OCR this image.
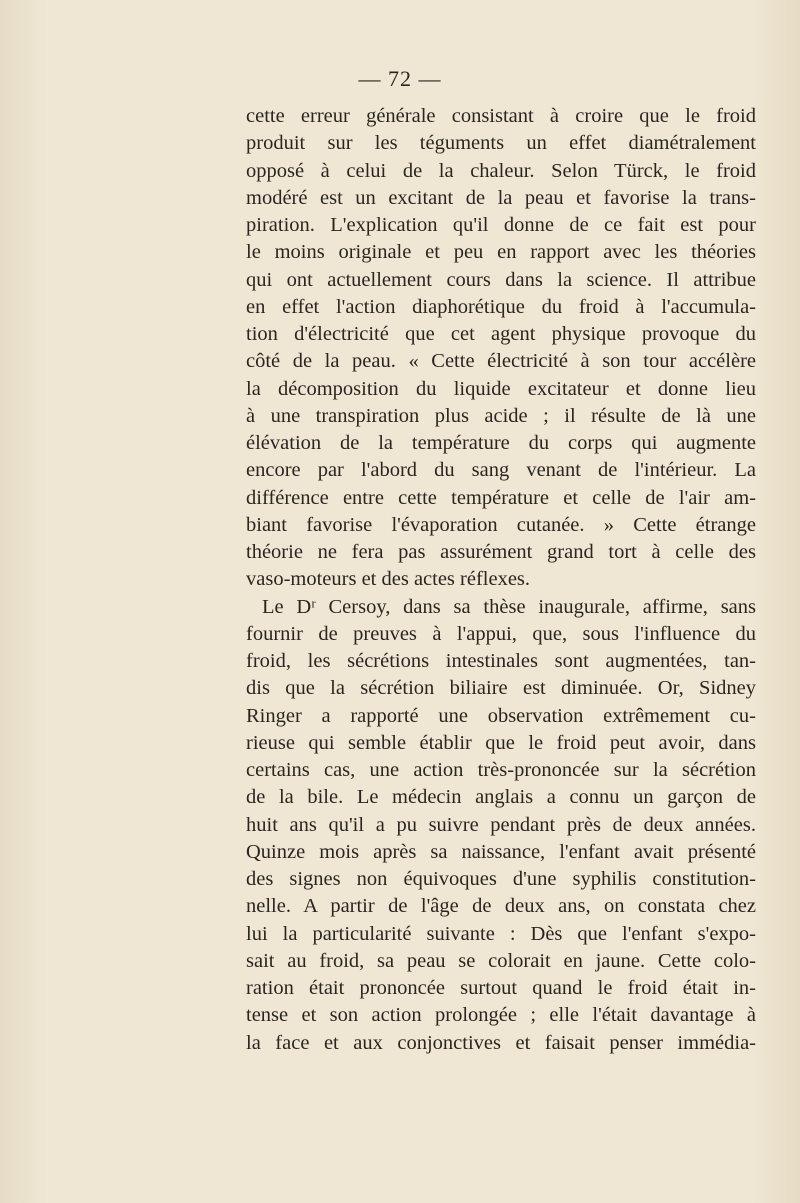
— 72 —
cette erreur générale consistant à croire que le froid
produit sur les téguments un effet diamétralement
opposé à celui de la chaleur. Selon Türck, le froid
modéré est un excitant de la peau et favorise la trans-
piration. L'explication qu'il donne de ce fait est pour
le moins originale et peu en rapport avec les théories
qui ont actuellement cours dans la science. Il attribue
en effet l'action diaphorétique du froid à l'accumula-
tion d'électricité que cet agent physique provoque du
côté de la peau. « Cette électricité à son tour accélère
la décomposition du liquide excitateur et donne lieu
à une transpiration plus acide ; il résulte de là une
élévation de la température du corps qui augmente
encore par l'abord du sang venant de l'intérieur. La
différence entre cette température et celle de l'air am-
biant favorise l'évaporation cutanée. » Cette étrange
théorie ne fera pas assurément grand tort à celle des
vaso-moteurs et des actes réflexes.
Le Dʳ Cersoy, dans sa thèse inaugurale, affirme, sans
fournir de preuves à l'appui, que, sous l'influence du
froid, les sécrétions intestinales sont augmentées, tan-
dis que la sécrétion biliaire est diminuée. Or, Sidney
Ringer a rapporté une observation extrêmement cu-
rieuse qui semble établir que le froid peut avoir, dans
certains cas, une action très-prononcée sur la sécrétion
de la bile. Le médecin anglais a connu un garçon de
huit ans qu'il a pu suivre pendant près de deux années.
Quinze mois après sa naissance, l'enfant avait présenté
des signes non équivoques d'une syphilis constitution-
nelle. A partir de l'âge de deux ans, on constata chez
lui la particularité suivante : Dès que l'enfant s'expo-
sait au froid, sa peau se colorait en jaune. Cette colo-
ration était prononcée surtout quand le froid était in-
tense et son action prolongée ; elle l'était davantage à
la face et aux conjonctives et faisait penser immédia-
